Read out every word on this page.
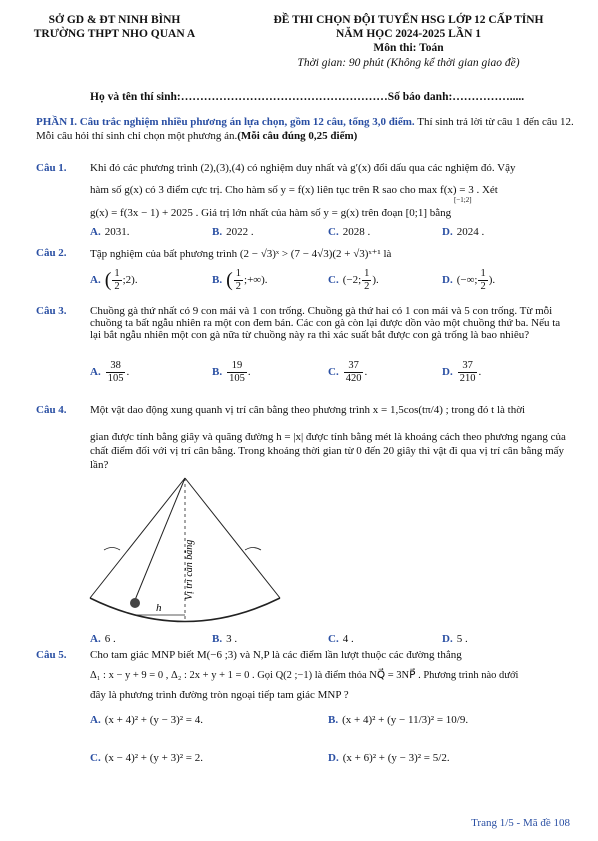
SỞ GD & ĐT NINH BÌNH
TRƯỜNG THPT NHO QUAN A
ĐỀ THI CHỌN ĐỘI TUYỂN HSG LỚP 12 CẤP TỈNH
NĂM HỌC 2024-2025 LẦN 1
Môn thi: Toán
Thời gian: 90 phút (Không kể thời gian giao đề)
Họ và tên thí sinh:………………………………………………Số báo danh:…………….....
PHẦN I. Câu trắc nghiệm nhiều phương án lựa chọn, gồm 12 câu, tổng 3,0 điểm. Thí sinh trả lời từ câu 1 đến câu 12. Mỗi câu hỏi thí sinh chỉ chọn một phương án.(Mỗi câu đúng 0,25 điểm)
Câu 1. Khi đó các phương trình (2),(3),(4) có nghiệm duy nhất và g′(x) đổi dấu qua các nghiệm đó. Vậy
hàm số g(x) có 3 điểm cực trị. Cho hàm số y = f(x) liên tục trên R sao cho max f(x) = 3 . Xét
[−1;2]
g(x) = f(3x − 1) + 2025 . Giá trị lớn nhất của hàm số y = g(x) trên đoạn [0;1] bằng
A. 2031.	B. 2022 .	C. 2028 .	D. 2024 .
Câu 2. Tập nghiệm của bất phương trình (2 − √3)ˣ > (7 − 4√3)(2 + √3)ˣ⁺¹ là
A. ( $\frac{1}{2}$ ;2).	B. ( $\frac{1}{2}$ ;+∞).	C. (−2; $\frac{1}{2}$ ).	D. (−∞; $\frac{1}{2}$ ).
Câu 3. Chuồng gà thứ nhất có 9 con mái và 1 con trống. Chuồng gà thứ hai có 1 con mái và 5 con trống. Từ mỗi chuồng ta bất ngẫu nhiên ra một con đem bán. Các con gà còn lại được dồn vào một chuồng thứ ba. Nếu ta lại bắt ngẫu nhiên một con gà nữa từ chuồng này ra thì xác suất bắt được con gà trống là bao nhiêu?
A. $\frac{38}{105}$ .	B. $\frac{19}{105}$ .	C. $\frac{37}{420}$ .	D. $\frac{37}{210}$ .
Câu 4. Một vật dao động xung quanh vị trí cân bằng theo phương trình x = 1,5cos(tπ/4) ; trong đó t là thời
gian được tính bằng giây và quãng đường h = |x| được tính bằng mét là khoảng cách theo phương ngang của chất điểm đối với vị trí cân bằng. Trong khoảng thời gian từ 0 đến 20 giây thì vật đi qua vị trí cân bằng mấy lần?
h
Vị trí cân bằng
A. 6 .	B. 3 .	C. 4 .	D. 5 .
Câu 5. Cho tam giác MNP biết M(−6 ;3) và N,P là các điểm lần lượt thuộc các đường thẳng
Δ₁ : x − y + 9 = 0 , Δ₂ : 2x + y + 1 = 0 . Gọi Q(2 ;−1) là điểm thỏa NQ⃗ = 3NP⃗ . Phương trình nào dưới
đây là phương trình đường tròn ngoại tiếp tam giác MNP ?
A. (x + 4)² + (y − 3)² = 4.	B. (x + 4)² + (y − 11/3)² = 10/9.
C. (x − 4)² + (y + 3)² = 2.	D. (x + 6)² + (y − 3)² = 5/2.
Trang 1/5 - Mã đề 108
